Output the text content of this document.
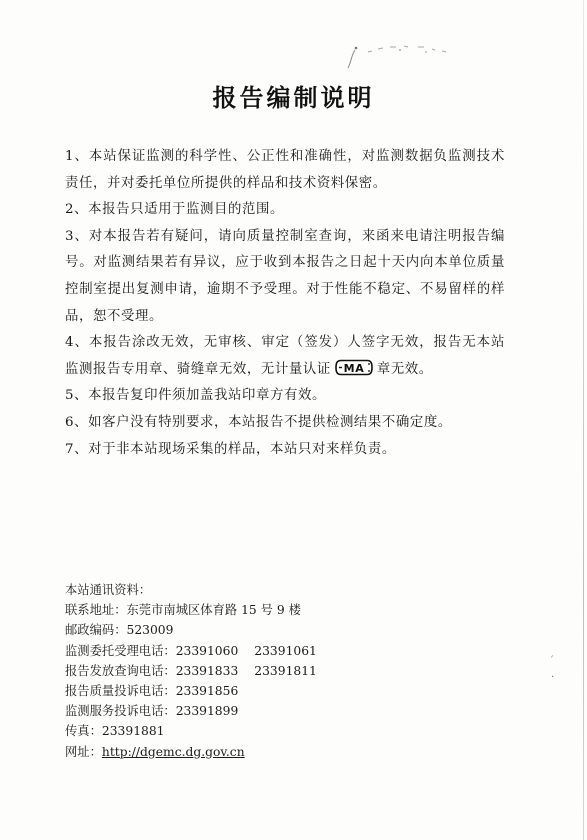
报告编制说明

1、本站保证监测的科学性、公正性和准确性，对监测数据负监测技术责任，并对委托单位所提供的样品和技术资料保密。

2、本报告只适用于监测目的范围。

3、对本报告若有疑问，请向质量控制室查询，来函来电请注明报告编号。对监测结果若有异议，应于收到本报告之日起十天内向本单位质量控制室提出复测申请，逾期不予受理。对于性能不稳定、不易留样的样品，恕不受理。

4、本报告涂改无效，无审核、审定（签发）人签字无效，报告无本站监测报告专用章、骑缝章无效，无计量认证 MA 章无效。

5、本报告复印件须加盖我站印章方有效。

6、如客户没有特别要求，本站报告不提供检测结果不确定度。

7、对于非本站现场采集的样品，本站只对来样负责。

本站通讯资料：
联系地址：东莞市南城区体育路 15 号 9 楼
邮政编码：523009
监测委托受理电话：23391060 23391061
报告发放查询电话：23391833 23391811
报告质量投诉电话：23391856
监测服务投诉电话：23391899
传真：23391881
网址：http://dgemc.dg.gov.cn
ˊ
·
